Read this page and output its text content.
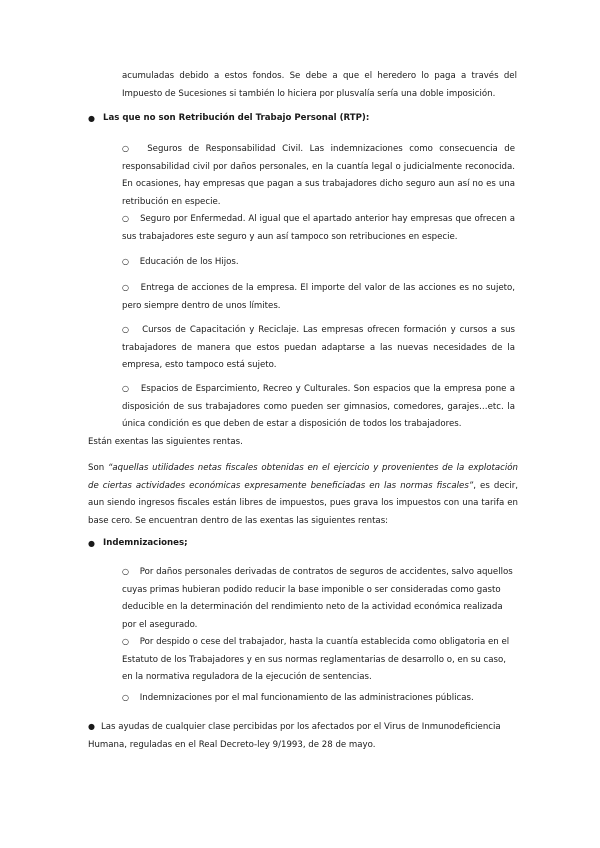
acumuladas debido a estos fondos. Se debe a que el heredero lo paga a través del Impuesto de Sucesiones si también lo hiciera por plusvalía sería una doble imposición.

● Las que no son Retribución del Trabajo Personal (RTP):

○ Seguros de Responsabilidad Civil. Las indemnizaciones como consecuencia de responsabilidad civil por daños personales, en la cuantía legal o judicialmente reconocida. En ocasiones, hay empresas que pagan a sus trabajadores dicho seguro aun así no es una retribución en especie.

○ Seguro por Enfermedad. Al igual que el apartado anterior hay empresas que ofrecen a sus trabajadores este seguro y aun así tampoco son retribuciones en especie.

○ Educación de los Hijos.

○ Entrega de acciones de la empresa. El importe del valor de las acciones es no sujeto, pero siempre dentro de unos límites.

○ Cursos de Capacitación y Reciclaje. Las empresas ofrecen formación y cursos a sus trabajadores de manera que estos puedan adaptarse a las nuevas necesidades de la empresa, esto tampoco está sujeto.

○ Espacios de Esparcimiento, Recreo y Culturales. Son espacios que la empresa pone a disposición de sus trabajadores como pueden ser gimnasios, comedores, garajes…etc. la única condición es que deben de estar a disposición de todos los trabajadores.

Están exentas las siguientes rentas.

Son “aquellas utilidades netas fiscales obtenidas en el ejercicio y provenientes de la explotación de ciertas actividades económicas expresamente beneficiadas en las normas fiscales”, es decir, aun siendo ingresos fiscales están libres de impuestos, pues grava los impuestos con una tarifa en base cero. Se encuentran dentro de las exentas las siguientes rentas:

● Indemnizaciones;

○ Por daños personales derivadas de contratos de seguros de accidentes, salvo aquellos cuyas primas hubieran podido reducir la base imponible o ser consideradas como gasto deducible en la determinación del rendimiento neto de la actividad económica realizada por el asegurado.

○ Por despido o cese del trabajador, hasta la cuantía establecida como obligatoria en el Estatuto de los Trabajadores y en sus normas reglamentarias de desarrollo o, en su caso, en la normativa reguladora de la ejecución de sentencias.

○ Indemnizaciones por el mal funcionamiento de las administraciones públicas.

● Las ayudas de cualquier clase percibidas por los afectados por el Virus de Inmunodeficiencia Humana, reguladas en el Real Decreto-ley 9/1993, de 28 de mayo.
